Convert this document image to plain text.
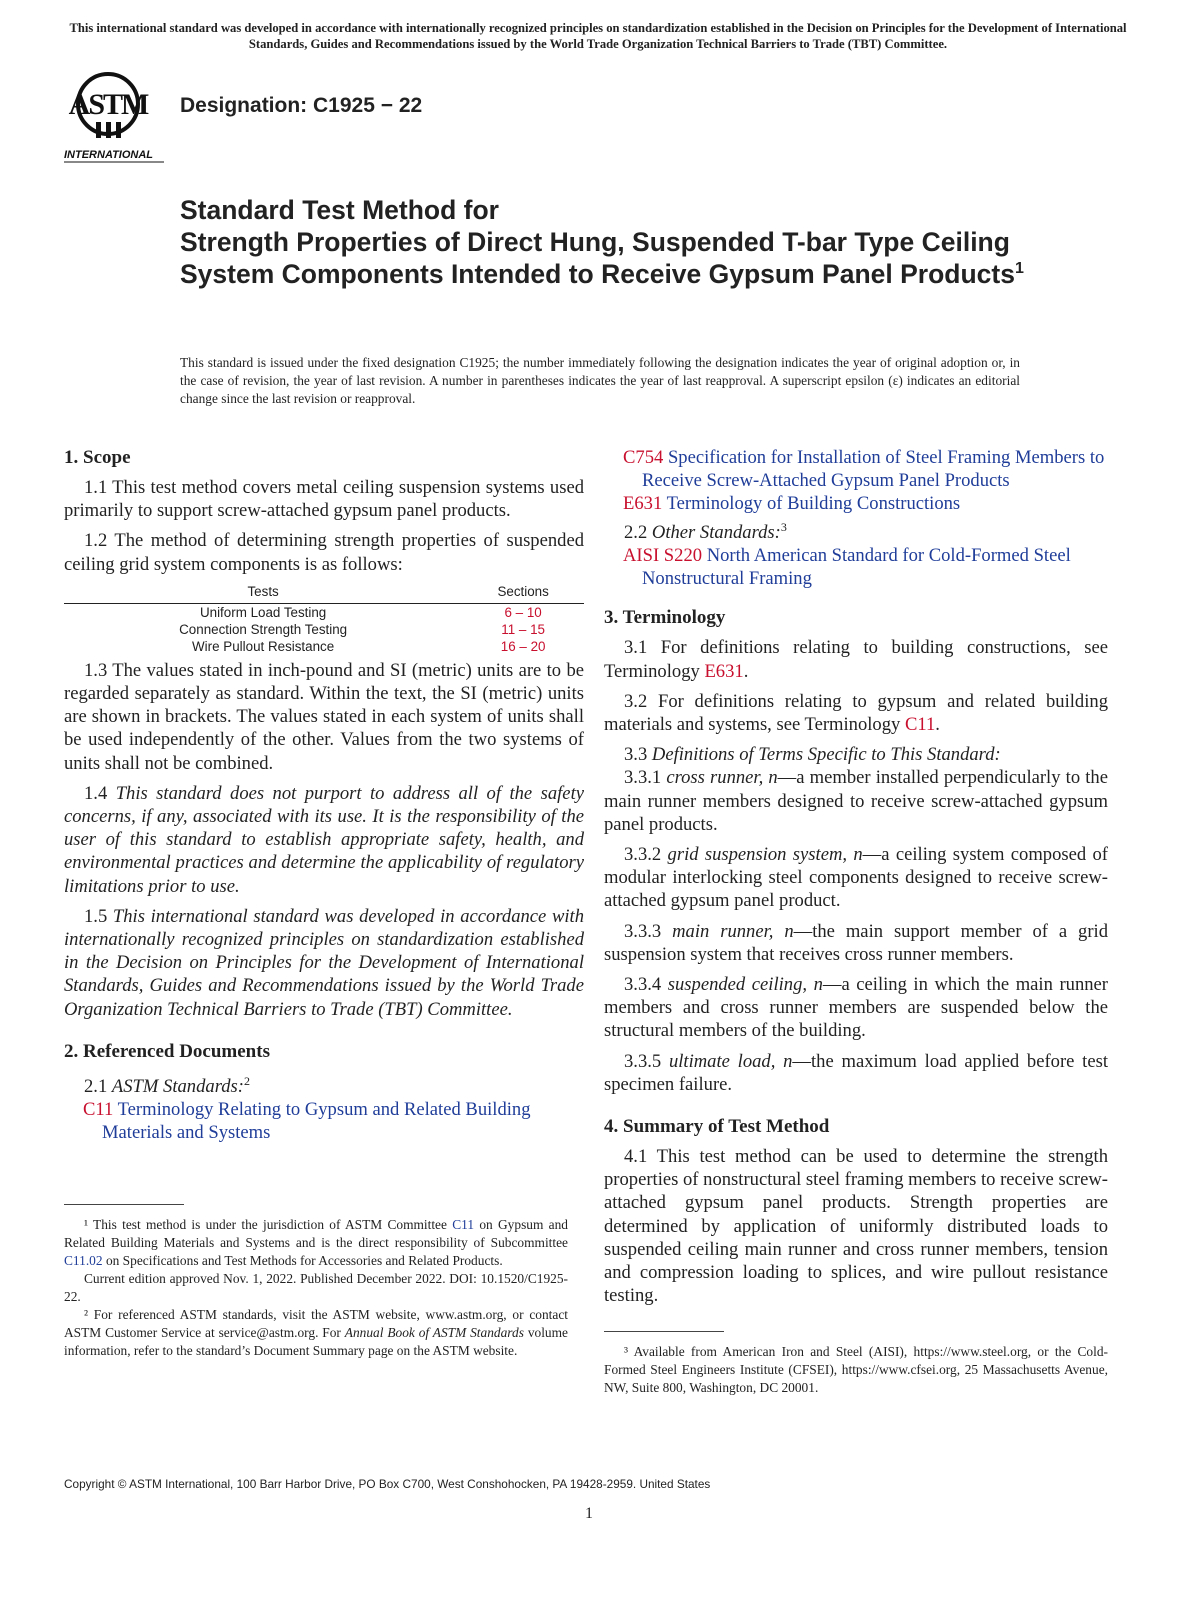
This international standard was developed in accordance with internationally recognized principles on standardization established in the Decision on Principles for the Development of International Standards, Guides and Recommendations issued by the World Trade Organization Technical Barriers to Trade (TBT) Committee.
ASTM
INTERNATIONAL
Designation: C1925 − 22
Standard Test Method for
Strength Properties of Direct Hung, Suspended T-bar Type Ceiling System Components Intended to Receive Gypsum Panel Products$^1$
This standard is issued under the fixed designation C1925; the number immediately following the designation indicates the year of original adoption or, in the case of revision, the year of last revision. A number in parentheses indicates the year of last reapproval. A superscript epsilon (ε) indicates an editorial change since the last revision or reapproval.
1. Scope

1.1 This test method covers metal ceiling suspension systems used primarily to support screw-attached gypsum panel products.

1.2 The method of determining strength properties of suspended ceiling grid system components is as follows:

Tests	Sections
Uniform Load Testing	6 – 10
Connection Strength Testing	11 – 15
Wire Pullout Resistance	16 – 20

1.3 The values stated in inch-pound and SI (metric) units are to be regarded separately as standard. Within the text, the SI (metric) units are shown in brackets. The values stated in each system of units shall be used independently of the other. Values from the two systems of units shall not be combined.

1.4 This standard does not purport to address all of the safety concerns, if any, associated with its use. It is the responsibility of the user of this standard to establish appropriate safety, health, and environmental practices and determine the applicability of regulatory limitations prior to use.

1.5 This international standard was developed in accordance with internationally recognized principles on standardization established in the Decision on Principles for the Development of International Standards, Guides and Recommendations issued by the World Trade Organization Technical Barriers to Trade (TBT) Committee.

2. Referenced Documents

2.1 ASTM Standards:$^2$

C11 Terminology Relating to Gypsum and Related Building Materials and Systems

¹ This test method is under the jurisdiction of ASTM Committee C11 on Gypsum and Related Building Materials and Systems and is the direct responsibility of Subcommittee C11.02 on Specifications and Test Methods for Accessories and Related Products.

Current edition approved Nov. 1, 2022. Published December 2022. DOI: 10.1520/C1925-22.

² For referenced ASTM standards, visit the ASTM website, www.astm.org, or contact ASTM Customer Service at service@astm.org. For Annual Book of ASTM Standards volume information, refer to the standard’s Document Summary page on the ASTM website.

C754 Specification for Installation of Steel Framing Members to Receive Screw-Attached Gypsum Panel Products

E631 Terminology of Building Constructions

2.2 Other Standards:$^3$

AISI S220 North American Standard for Cold-Formed Steel Nonstructural Framing

3. Terminology

3.1 For definitions relating to building constructions, see Terminology E631.

3.2 For definitions relating to gypsum and related building materials and systems, see Terminology C11.

3.3 Definitions of Terms Specific to This Standard:

3.3.1 cross runner, n—a member installed perpendicularly to the main runner members designed to receive screw-attached gypsum panel products.

3.3.2 grid suspension system, n—a ceiling system composed of modular interlocking steel components designed to receive screw-attached gypsum panel product.

3.3.3 main runner, n—the main support member of a grid suspension system that receives cross runner members.

3.3.4 suspended ceiling, n—a ceiling in which the main runner members and cross runner members are suspended below the structural members of the building.

3.3.5 ultimate load, n—the maximum load applied before test specimen failure.

4. Summary of Test Method

4.1 This test method can be used to determine the strength properties of nonstructural steel framing members to receive screw-attached gypsum panel products. Strength properties are determined by application of uniformly distributed loads to suspended ceiling main runner and cross runner members, tension and compression loading to splices, and wire pullout resistance testing.

³ Available from American Iron and Steel (AISI), https://www.steel.org, or the Cold-Formed Steel Engineers Institute (CFSEI), https://www.cfsei.org, 25 Massachusetts Avenue, NW, Suite 800, Washington, DC 20001.

Copyright © ASTM International, 100 Barr Harbor Drive, PO Box C700, West Conshohocken, PA 19428-2959. United States
1
